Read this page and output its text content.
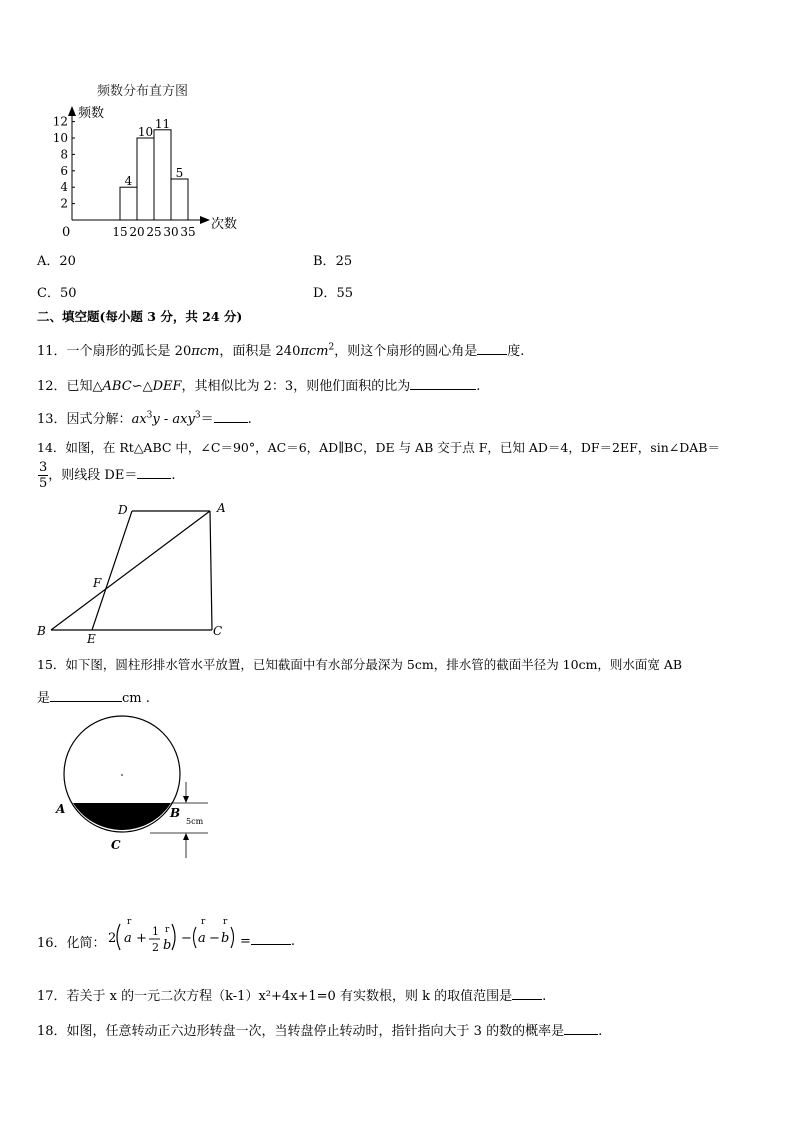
频数分布直方图
频数
次数
0
2
4
6
8
10
12
15 20 25 30 35
4
10
11
5
A．20	B．25
C．50	D．55
二、填空题(每小题 3 分，共 24 分)
11．一个扇形的弧长是 20πcm，面积是 240πcm$^2$，则这个扇形的圆心角是 度.
12．已知△ABC∽△DEF，其相似比为 2：3，则他们面积的比为	.
13．因式分解：$ax^3y - axy^3=$	.
14．如图，在 Rt△ABC 中，∠C＝90°，AC＝6，AD∥BC，DE 与 AB 交于点 F，已知 AD＝4，DF＝2EF，sin∠DAB＝
$\frac{3}{5}$ ，则线段 DE＝	.
D	A
F
B
E
C
15．如下图，圆柱形排水管水平放置，已知截面中有水部分最深为 5cm，排水管的截面半径为 10cm，则水面宽 AB
是	cm .
5cm
A	B
C
16．化简： 2
r
a + 1
2
r
b −
r
a −
r
b =	.
17．若关于 x 的一元二次方程（k-1）x²+4x+1=0 有实数根，则 k 的取值范围是 .
18．如图，任意转动正六边形转盘一次，当转盘停止转动时，指针指向大于 3 的数的概率是	.
